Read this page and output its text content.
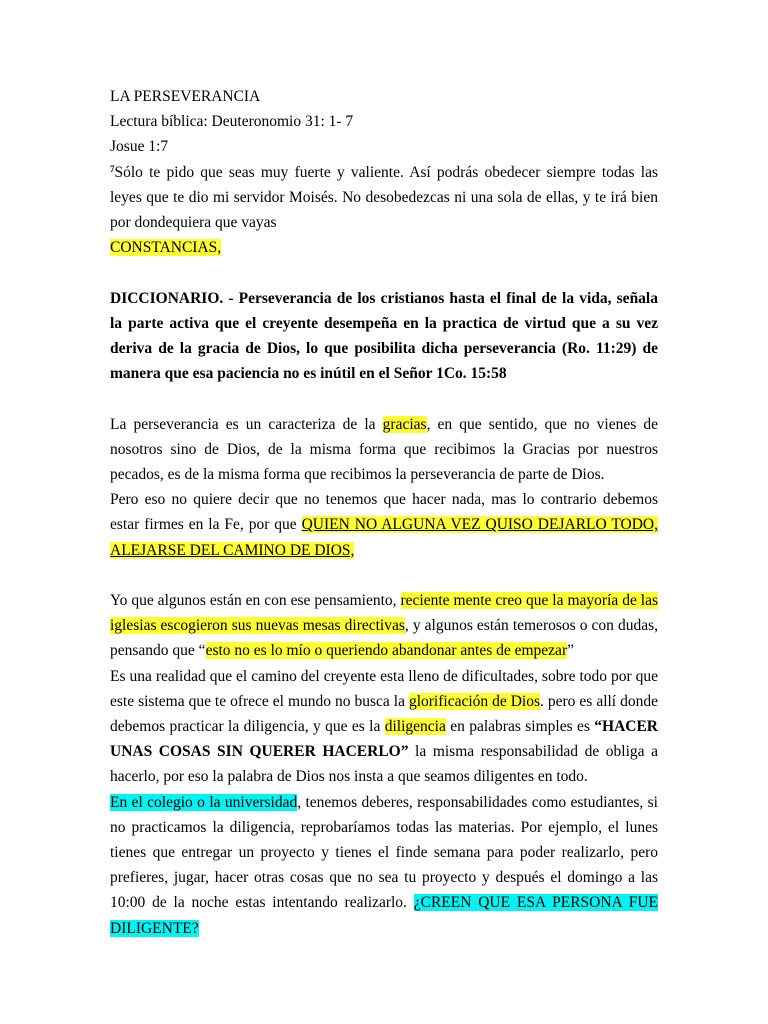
LA PERSEVERANCIA

Lectura bíblica: Deuteronomio 31: 1- 7

Josue 1:7

$^7$Sólo te pido que seas muy fuerte y valiente. Así podrás obedecer siempre todas las leyes que te dio mi servidor Moisés. No desobedezcas ni una sola de ellas, y te irá bien por dondequiera que vayas

CONSTANCIAS,

DICCIONARIO. - Perseverancia de los cristianos hasta el final de la vida, señala la parte activa que el creyente desempeña en la practica de virtud que a su vez deriva de la gracia de Dios, lo que posibilita dicha perseverancia (Ro. 11:29) de manera que esa paciencia no es inútil en el Señor 1Co. 15:58

La perseverancia es un caracteriza de la gracias, en que sentido, que no vienes de nosotros sino de Dios, de la misma forma que recibimos la Gracias por nuestros pecados, es de la misma forma que recibimos la perseverancia de parte de Dios.

Pero eso no quiere decir que no tenemos que hacer nada, mas lo contrario debemos estar firmes en la Fe, por que QUIEN NO ALGUNA VEZ QUISO DEJARLO TODO, ALEJARSE DEL CAMINO DE DIOS,

Yo que algunos están en con ese pensamiento, reciente mente creo que la mayoría de las iglesias escogieron sus nuevas mesas directivas, y algunos están temerosos o con dudas, pensando que “esto no es lo mío o queriendo abandonar antes de empezar”

Es una realidad que el camino del creyente esta lleno de dificultades, sobre todo por que este sistema que te ofrece el mundo no busca la glorificación de Dios. pero es allí donde debemos practicar la diligencia, y que es la diligencia en palabras simples es “HACER UNAS COSAS SIN QUERER HACERLO” la misma responsabilidad de obliga a hacerlo, por eso la palabra de Dios nos insta a que seamos diligentes en todo.

En el colegio o la universidad, tenemos deberes, responsabilidades como estudiantes, si no practicamos la diligencia, reprobaríamos todas las materias. Por ejemplo, el lunes tienes que entregar un proyecto y tienes el finde semana para poder realizarlo, pero prefieres, jugar, hacer otras cosas que no sea tu proyecto y después el domingo a las 10:00 de la noche estas intentando realizarlo. ¿CREEN QUE ESA PERSONA FUE DILIGENTE?
